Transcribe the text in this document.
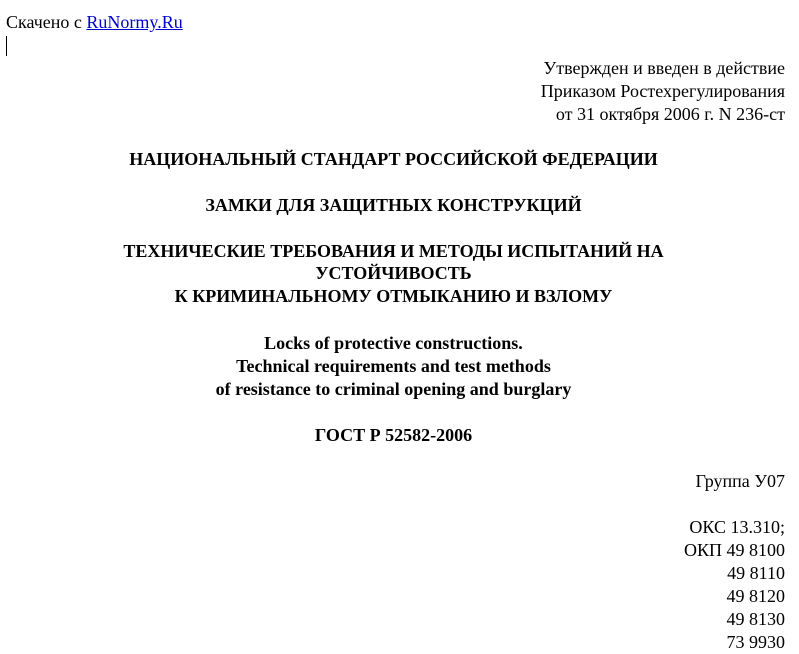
Скачено с RuNormy.Ru
Утвержден и введен в действие
Приказом Ростехрегулирования
от 31 октября 2006 г. N 236-ст
НАЦИОНАЛЬНЫЙ СТАНДАРТ РОССИЙСКОЙ ФЕДЕРАЦИИ
ЗАМКИ ДЛЯ ЗАЩИТНЫХ КОНСТРУКЦИЙ
ТЕХНИЧЕСКИЕ ТРЕБОВАНИЯ И МЕТОДЫ ИСПЫТАНИЙ НА
УСТОЙЧИВОСТЬ
К КРИМИНАЛЬНОМУ ОТМЫКАНИЮ И ВЗЛОМУ
Locks of protective constructions.
Technical requirements and test methods
of resistance to criminal opening and burglary
ГОСТ Р 52582-2006
Группа У07
ОКС 13.310;
ОКП 49 8100
49 8110
49 8120
49 8130
73 9930
